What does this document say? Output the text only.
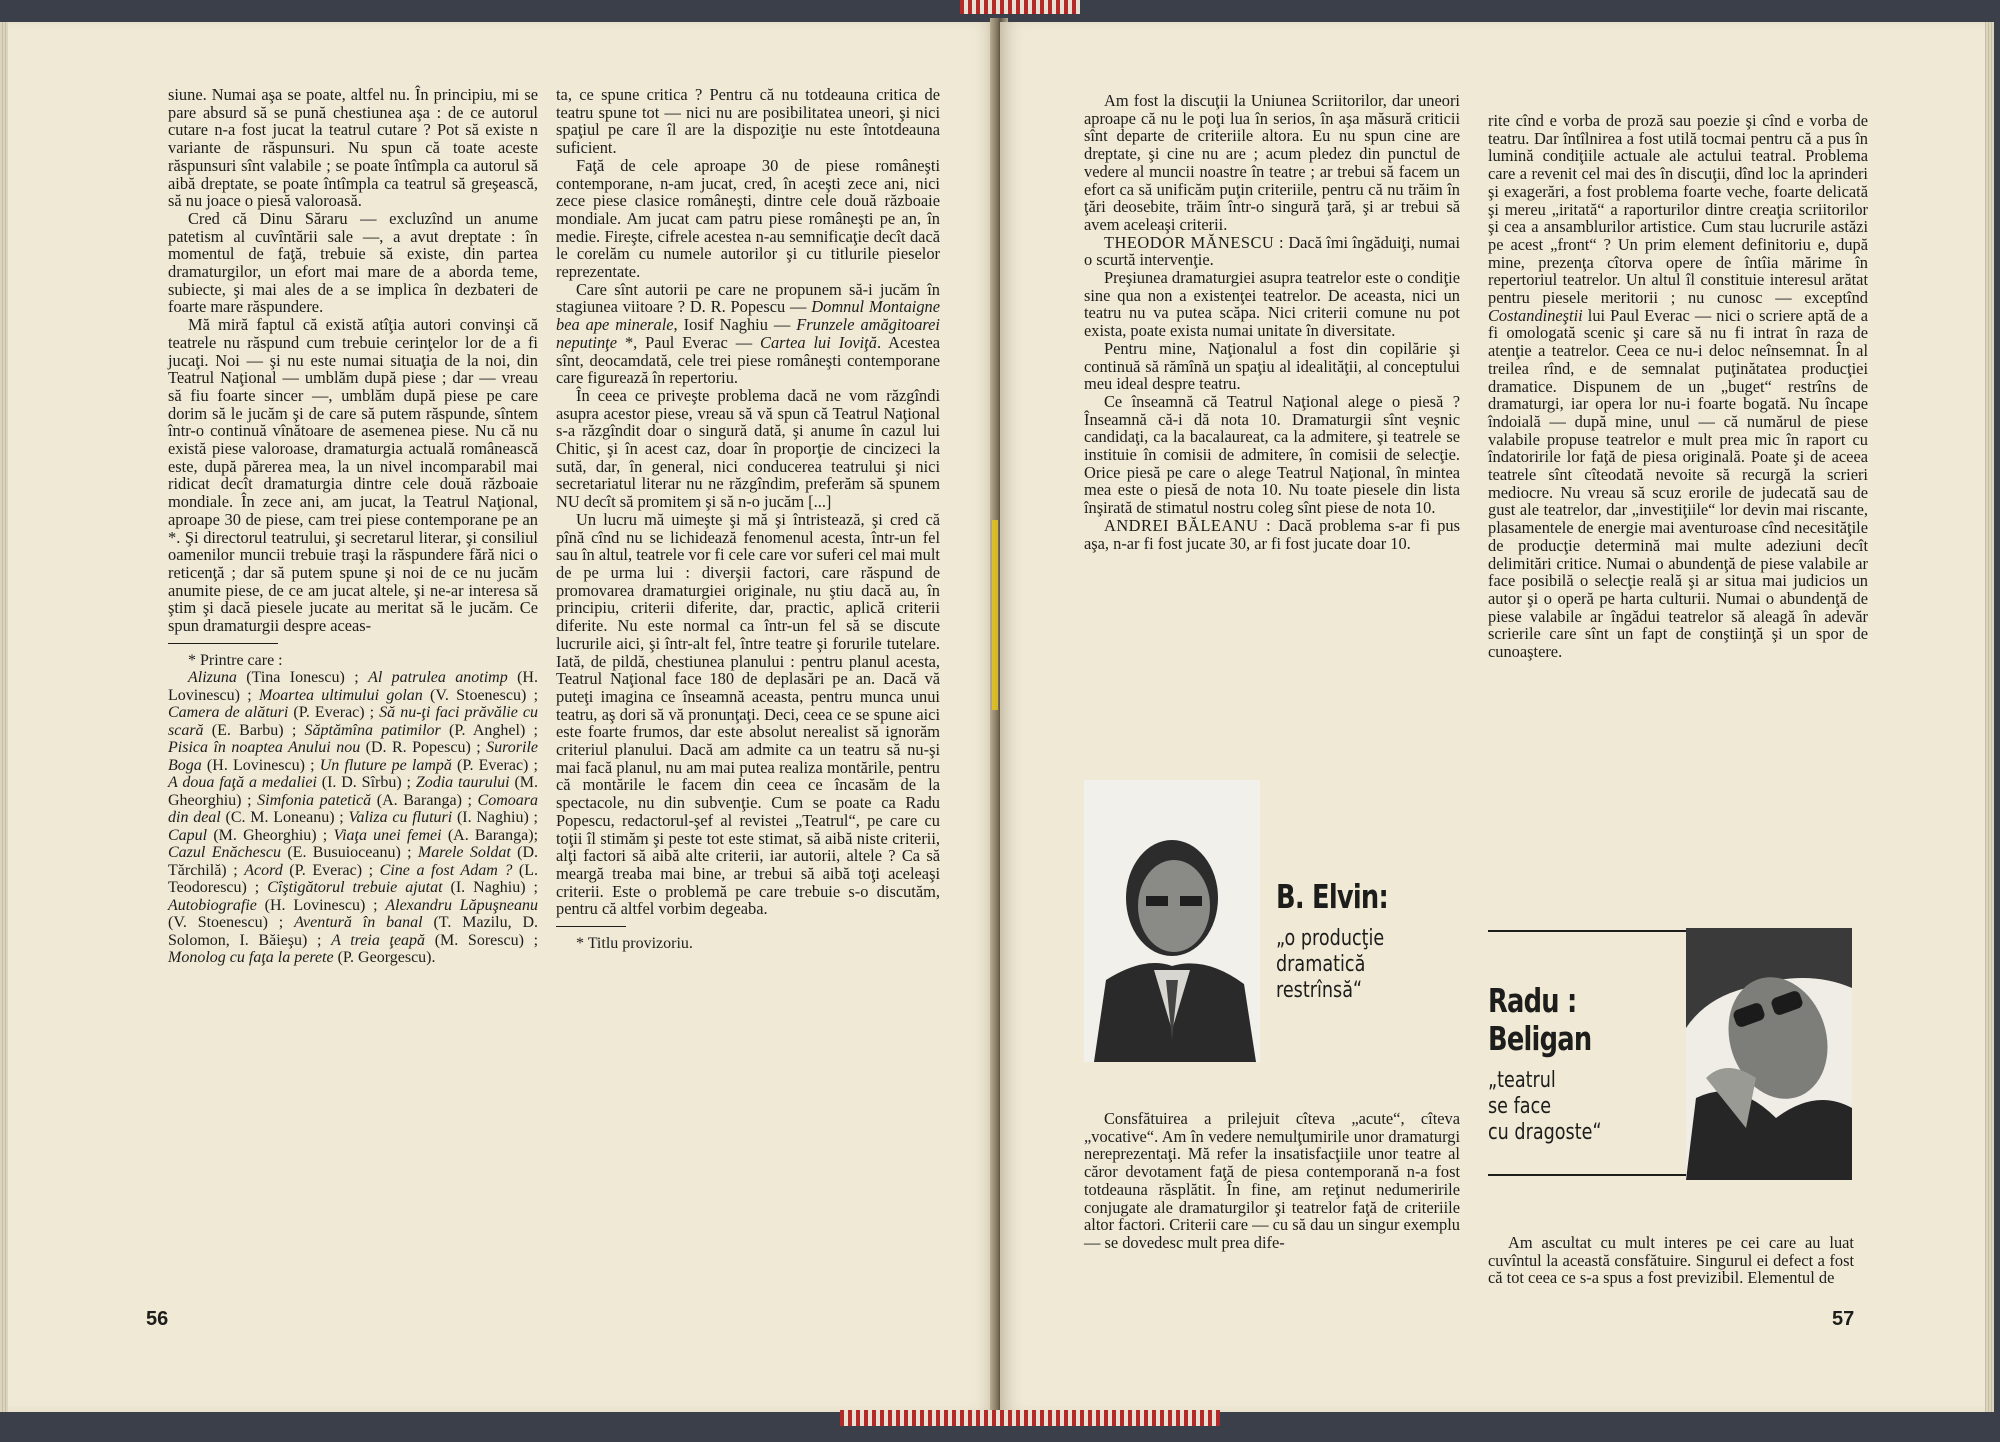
siune. Numai aşa se poate, altfel nu. În principiu, mi se pare absurd să se pună chestiunea aşa : de ce autorul cutare n-a fost jucat la teatrul cutare ? Pot să existe n variante de răspunsuri. Nu spun că toate aceste răspunsuri sînt valabile ; se poate întîmpla ca autorul să aibă dreptate, se poate întîmpla ca teatrul să greşească, să nu joace o piesă valoroasă.

Cred că Dinu Săraru — excluzînd un anume patetism al cuvîntării sale —, a avut dreptate : în momentul de faţă, trebuie să existe, din partea dramaturgilor, un efort mai mare de a aborda teme, subiecte, şi mai ales de a se implica în dezbateri de foarte mare răspundere.

Mă miră faptul că există atîţia autori convinşi că teatrele nu răspund cum trebuie cerinţelor lor de a fi jucaţi. Noi — şi nu este numai situaţia de la noi, din Teatrul Naţional — umblăm după piese ; dar — vreau să fiu foarte sincer —, umblăm după piese pe care dorim să le jucăm şi de care să putem răspunde, sîntem într-o continuă vînătoare de asemenea piese. Nu că nu există piese valoroase, dramaturgia actuală românească este, după părerea mea, la un nivel incomparabil mai ridicat decît dramaturgia dintre cele două războaie mondiale. În zece ani, am jucat, la Teatrul Naţional, aproape 30 de piese, cam trei piese contemporane pe an *. Şi directorul teatrului, şi secretarul literar, şi consiliul oamenilor muncii trebuie traşi la răspundere fără nici o reticenţă ; dar să putem spune şi noi de ce nu jucăm anumite piese, de ce am jucat altele, şi ne-ar interesa să ştim şi dacă piesele jucate au meritat să le jucăm. Ce spun dramaturgii despre aceas-

* Printre care :

Alizuna (Tina Ionescu) ; Al patrulea anotimp (H. Lovinescu) ; Moartea ultimului golan (V. Stoenescu) ; Camera de alături (P. Everac) ; Să nu-ţi faci prăvălie cu scară (E. Barbu) ; Săptămîna patimilor (P. Anghel) ; Pisica în noaptea Anului nou (D. R. Popescu) ; Surorile Boga (H. Lovinescu) ; Un fluture pe lampă (P. Everac) ; A doua faţă a medaliei (I. D. Sîrbu) ; Zodia taurului (M. Gheorghiu) ; Simfonia patetică (A. Baranga) ; Comoara din deal (C. M. Loneanu) ; Valiza cu fluturi (I. Naghiu) ; Capul (M. Gheorghiu) ; Viaţa unei femei (A. Baranga); Cazul Enăchescu (E. Busuioceanu) ; Marele Soldat (D. Tărchilă) ; Acord (P. Everac) ; Cine a fost Adam ? (L. Teodorescu) ; Cîştigătorul trebuie ajutat (I. Naghiu) ; Autobiografie (H. Lovinescu) ; Alexandru Lăpuşneanu (V. Stoenescu) ; Aventură în banal (T. Mazilu, D. Solomon, I. Băieşu) ; A treia ţeapă (M. Sorescu) ; Monolog cu faţa la perete (P. Georgescu).

ta, ce spune critica ? Pentru că nu totdeauna critica de teatru spune tot — nici nu are posibilitatea uneori, şi nici spaţiul pe care îl are la dispoziţie nu este întotdeauna suficient.

Faţă de cele aproape 30 de piese româneşti contemporane, n-am jucat, cred, în aceşti zece ani, nici zece piese clasice româneşti, dintre cele două războaie mondiale. Am jucat cam patru piese româneşti pe an, în medie. Fireşte, cifrele acestea n-au semnificaţie decît dacă le corelăm cu numele autorilor şi cu titlurile pieselor reprezentate.

Care sînt autorii pe care ne propunem să-i jucăm în stagiunea viitoare ? D. R. Popescu — Domnul Montaigne bea ape minerale, Iosif Naghiu — Frunzele amăgitoarei neputinţe *, Paul Everac — Cartea lui Ioviţă. Acestea sînt, deocamdată, cele trei piese româneşti contemporane care figurează în repertoriu.

În ceea ce priveşte problema dacă ne vom răzgîndi asupra acestor piese, vreau să vă spun că Teatrul Naţional s-a răzgîndit doar o singură dată, şi anume în cazul lui Chitic, şi în acest caz, doar în proporţie de cincizeci la sută, dar, în general, nici conducerea teatrului şi nici secretariatul literar nu ne răzgîndim, preferăm să spunem NU decît să promitem şi să n-o jucăm [...]

Un lucru mă uimeşte şi mă şi întristează, şi cred că pînă cînd nu se lichidează fenomenul acesta, într-un fel sau în altul, teatrele vor fi cele care vor suferi cel mai mult de pe urma lui : diverşii factori, care răspund de promovarea dramaturgiei originale, nu ştiu dacă au, în principiu, criterii diferite, dar, practic, aplică criterii diferite. Nu este normal ca într-un fel să se discute lucrurile aici, şi într-alt fel, între teatre şi forurile tutelare. Iată, de pildă, chestiunea planului : pentru planul acesta, Teatrul Naţional face 180 de deplasări pe an. Dacă vă puteţi imagina ce înseamnă aceasta, pentru munca unui teatru, aş dori să vă pronunţaţi. Deci, ceea ce se spune aici este foarte frumos, dar este absolut nerealist să ignorăm criteriul planului. Dacă am admite ca un teatru să nu-şi mai facă planul, nu am mai putea realiza montările, pentru că montările le facem din ceea ce încasăm de la spectacole, nu din subvenţie. Cum se poate ca Radu Popescu, redactorul-şef al revistei „Teatrul“, pe care cu toţii îl stimăm şi peste tot este stimat, să aibă niste criterii, alţi factori să aibă alte criterii, iar autorii, altele ? Ca să meargă treaba mai bine, ar trebui să aibă toţi aceleaşi criterii. Este o problemă pe care trebuie s-o discutăm, pentru că altfel vorbim degeaba.

* Titlu provizoriu.

56

Am fost la discuţii la Uniunea Scriitorilor, dar uneori aproape că nu le poţi lua în serios, în aşa măsură criticii sînt departe de criteriile altora. Eu nu spun cine are dreptate, şi cine nu are ; acum pledez din punctul de vedere al muncii noastre în teatre ; ar trebui să facem un efort ca să unificăm puţin criteriile, pentru că nu trăim în ţări deosebite, trăim într-o singură ţară, şi ar trebui să avem aceleaşi criterii.

THEODOR MĂNESCU : Dacă îmi îngăduiţi, numai o scurtă intervenţie.

Preşiunea dramaturgiei asupra teatrelor este o condiţie sine qua non a existenţei teatrelor. De aceasta, nici un teatru nu va putea scăpa. Nici criterii comune nu pot exista, poate exista numai unitate în diversitate.

Pentru mine, Naţionalul a fost din copilărie şi continuă să rămînă un spaţiu al idealităţii, al conceptului meu ideal despre teatru.

Ce înseamnă că Teatrul Naţional alege o piesă ? Înseamnă că-i dă nota 10. Dramaturgii sînt veşnic candidaţi, ca la bacalaureat, ca la admitere, şi teatrele se instituie în comisii de admitere, în comisii de selecţie. Orice piesă pe care o alege Teatrul Naţional, în mintea mea este o piesă de nota 10. Nu toate piesele din lista înşirată de stimatul nostru coleg sînt piese de nota 10.

ANDREI BĂLEANU : Dacă problema s-ar fi pus aşa, n-ar fi fost jucate 30, ar fi fost jucate doar 10.

B. Elvin:
„o producţie
dramatică
restrînsă“

Consfătuirea a prilejuit cîteva „acute“, cîteva „vocative“. Am în vedere nemulţumirile unor dramaturgi nereprezentaţi. Mă refer la insatisfacţiile unor teatre al căror devotament faţă de piesa contemporană n-a fost totdeauna răsplătit. În fine, am reţinut nedumeririle conjugate ale dramaturgilor şi teatrelor faţă de criteriile altor factori. Criterii care — cu să dau un singur exemplu — se dovedesc mult prea dife-

rite cînd e vorba de proză sau poezie şi cînd e vorba de teatru. Dar întîlnirea a fost utilă tocmai pentru că a pus în lumină condiţiile actuale ale actului teatral. Problema care a revenit cel mai des în discuţii, dînd loc la aprinderi şi exagerări, a fost problema foarte veche, foarte delicată şi mereu „iritată“ a raporturilor dintre creaţia scriitorilor şi cea a ansamblurilor artistice. Cum stau lucrurile astăzi pe acest „front“ ? Un prim element definitoriu e, după mine, prezenţa cîtorva opere de întîia mărime în repertoriul teatrelor. Un altul îl constituie interesul arătat pentru piesele meritorii ; nu cunosc — exceptînd Costandineştii lui Paul Everac — nici o scriere aptă de a fi omologată scenic şi care să nu fi intrat în raza de atenţie a teatrelor. Ceea ce nu-i deloc neînsemnat. În al treilea rînd, e de semnalat puţinătatea producţiei dramatice. Dispunem de un „buget“ restrîns de dramaturgi, iar opera lor nu-i foarte bogată. Nu încape îndoială — după mine, unul — că numărul de piese valabile propuse teatrelor e mult prea mic în raport cu îndatoririle lor faţă de piesa originală. Poate şi de aceea teatrele sînt cîteodată nevoite să recurgă la scrieri mediocre. Nu vreau să scuz erorile de judecată sau de gust ale teatrelor, dar „investiţiile“ lor devin mai riscante, plasamentele de energie mai aventuroase cînd necesităţile de producţie determină mai multe adeziuni decît delimitări critice. Numai o abundenţă de piese valabile ar face posibilă o selecţie reală şi ar situa mai judicios un autor şi o operă pe harta culturii. Numai o abundenţă de piese valabile ar îngădui teatrelor să aleagă în adevăr scrierile care sînt un fapt de conştiinţă şi un spor de cunoaştere.

Radu :
Beligan
„teatrul
se face
cu dragoste“

Am ascultat cu mult interes pe cei care au luat cuvîntul la această consfătuire. Singurul ei defect a fost că tot ceea ce s-a spus a fost previzibil. Elementul de

57
